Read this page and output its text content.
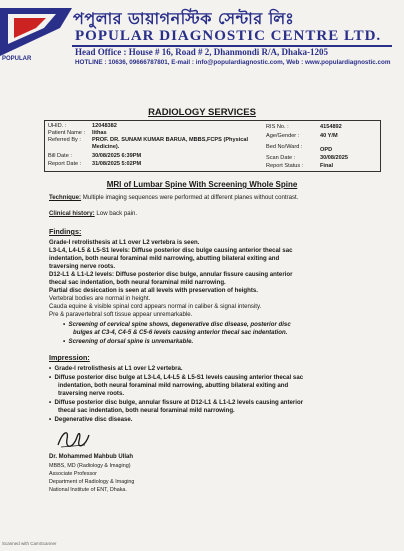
POPULAR
পপুলার ডায়াগনস্টিক সেন্টার লিঃ
POPULAR DIAGNOSTIC CENTRE LTD.
Head Office : House # 16, Road # 2, Dhanmondi R/A, Dhaka-1205
HOTLINE : 10636, 09666787801, E-mail : info@populardiagnostic.com, Web : www.populardiagnostic.com
RADIOLOGY SERVICES
UHID. :	12048382
Patient Name : Iithas
Referred By : PROF. DR. SUNAM KUMAR BARUA, MBBS,FCPS (Physical
Medicine).
Bill Date :	30/08/2025 6:39PM
Report Date : 31/08/2025 5:02PM
RIS No. :	4154892
Age/Gender :	40 Y/M
Bed No/Ward :	OPD
Scan Date :	30/08/2025
Report Status :	Final
MRI of Lumbar Spine With Screening Whole Spine
Technique: Multiple imaging sequences were performed at different planes without contrast.
Clinical history: Low back pain.
Findings:
Grade-I retrolisthesis at L1 over L2 vertebra is seen.
L3-L4, L4-L5 & L5-S1 levels: Diffuse posterior disc bulge causing anterior thecal sac
indentation, both neural foraminal mild narrowing, abutting bilateral exiting and
traversing nerve roots.
D12-L1 & L1-L2 levels: Diffuse posterior disc bulge, annular fissure causing anterior
thecal sac indentation, both neural foraminal mild narrowing.
Partial disc desiccation is seen at all levels with preservation of heights.
Vertebral bodies are normal in height.
Cauda equine & visible spinal cord appears normal in caliber & signal intensity.
Pre & paravertebral soft tissue appear unremarkable.
•  Screening of cervical spine shows, degenerative disc disease, posterior disc
bulges at C3-4, C4-5 & C5-6 levels causing anterior thecal sac indentation.
•  Screening of dorsal spine is unremarkable.
Impression:
•  Grade-I retrolisthesis at L1 over L2 vertebra.
•  Diffuse posterior disc bulge at L3-L4, L4-L5 & L5-S1 levels causing anterior thecal sac
indentation, both neural foraminal mild narrowing, abutting bilateral exiting and
traversing nerve roots.
•  Diffuse posterior disc bulge, annular fissure at D12-L1 & L1-L2 levels causing anterior
thecal sac indentation, both neural foraminal mild narrowing.
•  Degenerative disc disease.
Dr. Mohammed Mahbub Ullah
MBBS, MD (Radiology & Imaging)
Associate Professor
Department of Radiology & Imaging
National Institute of ENT, Dhaka.
Scanned with CamScanner
